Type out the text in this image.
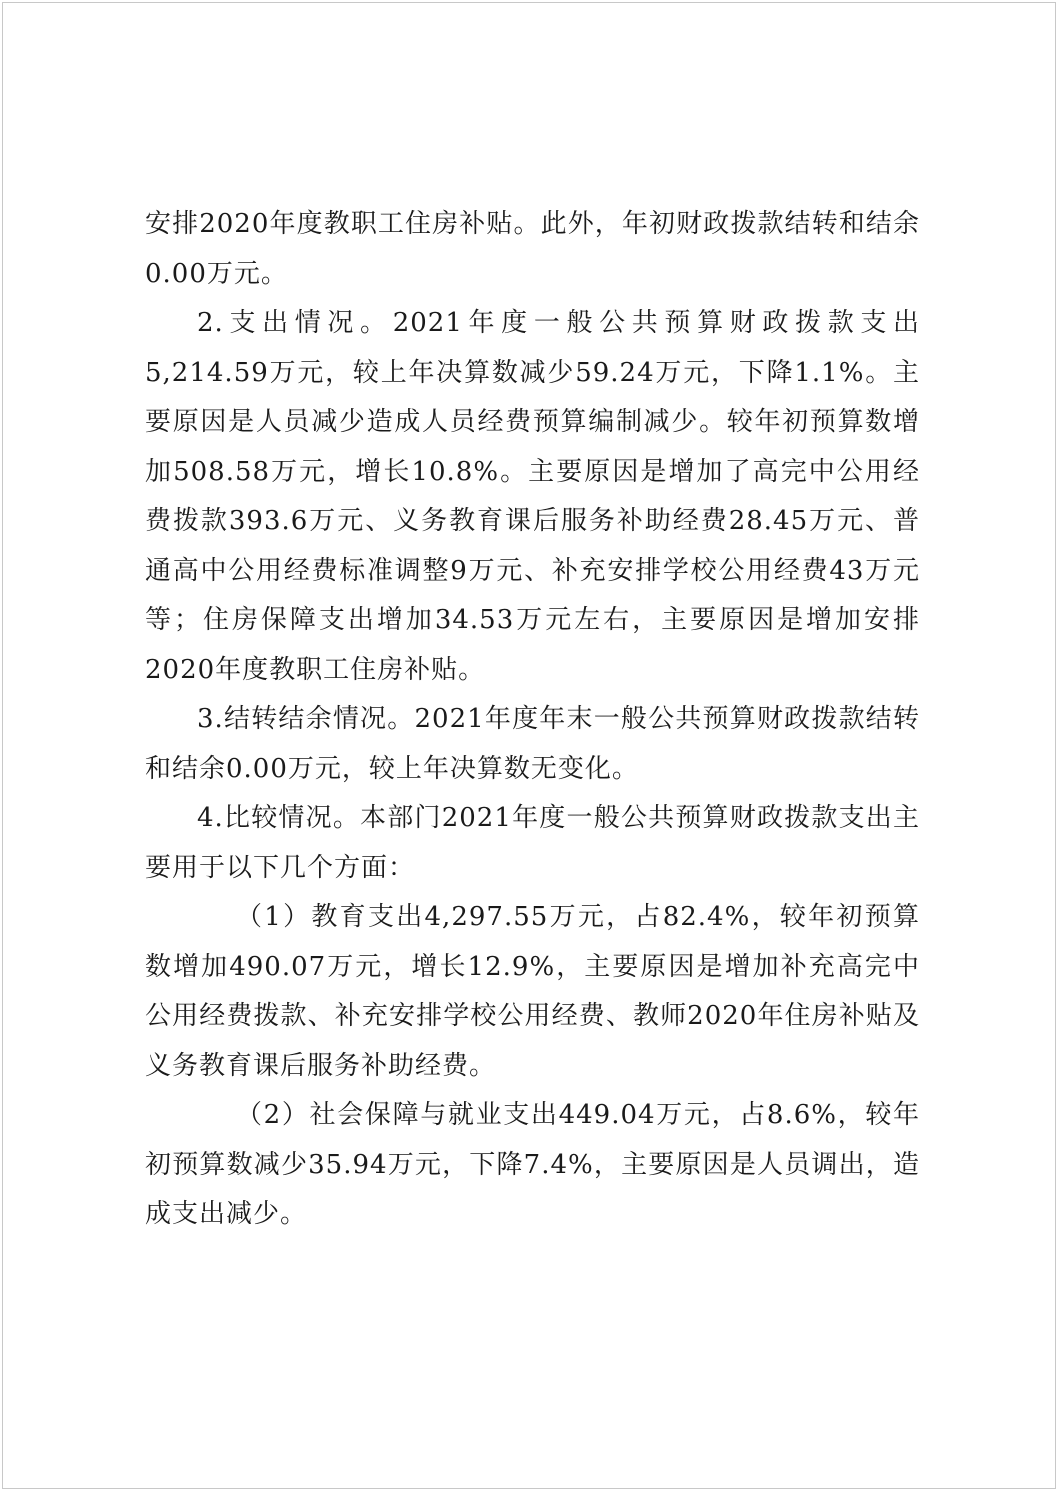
安排2020年度教职工住房补贴。此外，年初财政拨款结转和结余0.00万元。

2.支出情况。2021年度一般公共预算财政拨款支出5,214.59万元，较上年决算数减少59.24万元，下降1.1%。主要原因是人员减少造成人员经费预算编制减少。较年初预算数增加508.58万元，增长10.8%。主要原因是增加了高完中公用经费拨款393.6万元、义务教育课后服务补助经费28.45万元、普通高中公用经费标准调整9万元、补充安排学校公用经费43万元等；住房保障支出增加34.53万元左右，主要原因是增加安排2020年度教职工住房补贴。

3.结转结余情况。2021年度年末一般公共预算财政拨款结转和结余0.00万元，较上年决算数无变化。

4.比较情况。本部门2021年度一般公共预算财政拨款支出主要用于以下几个方面：

（1）教育支出4,297.55万元，占82.4%，较年初预算数增加490.07万元，增长12.9%，主要原因是增加补充高完中公用经费拨款、补充安排学校公用经费、教师2020年住房补贴及义务教育课后服务补助经费。

（2）社会保障与就业支出449.04万元，占8.6%，较年初预算数减少35.94万元，下降7.4%，主要原因是人员调出，造成支出减少。
